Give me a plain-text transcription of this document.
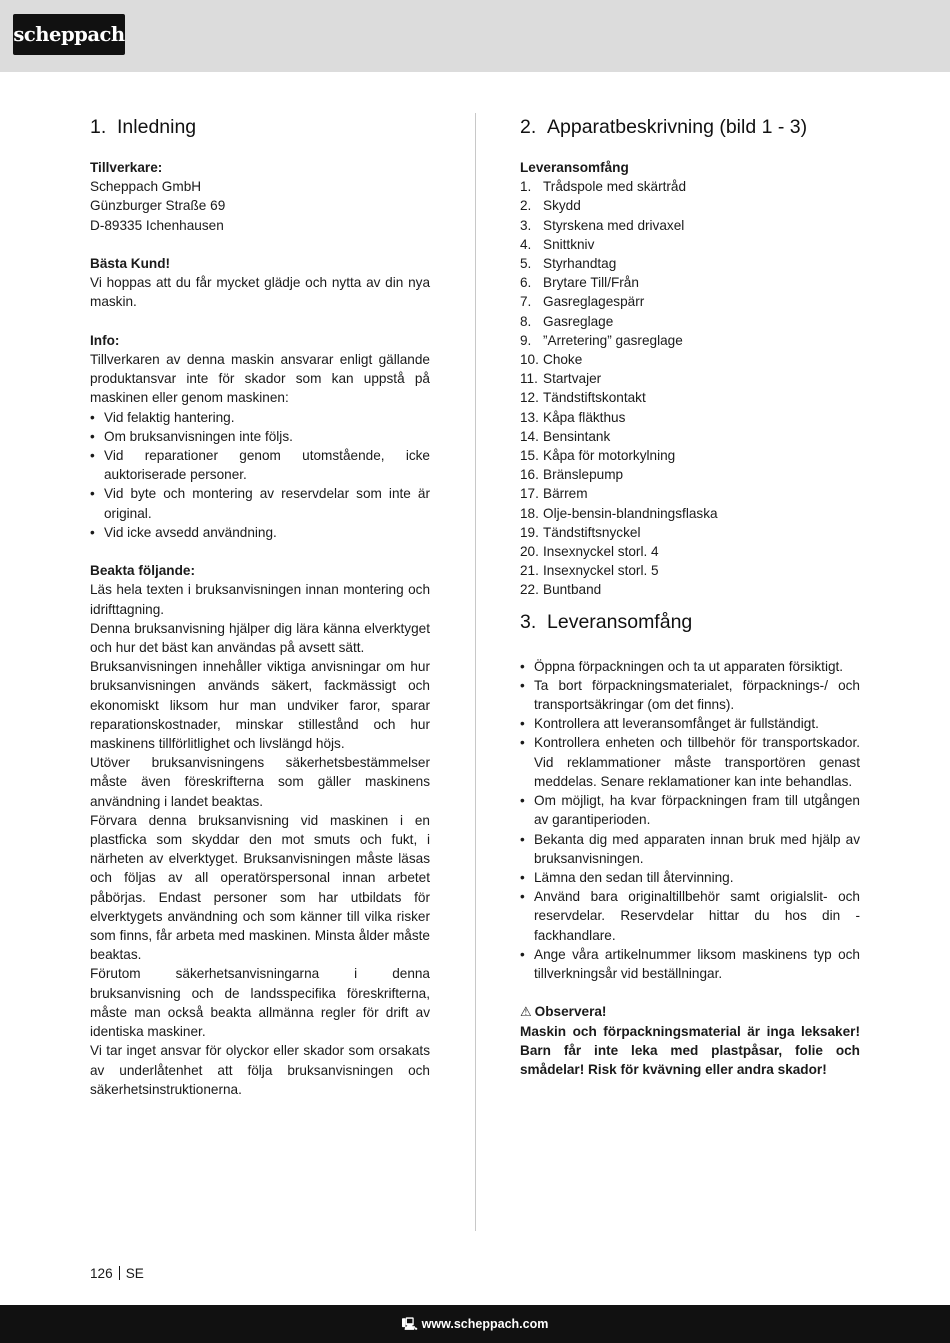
scheppach
1. Inledning

Tillverkare:

Scheppach GmbH

Günzburger Straße 69

D-89335 Ichenhausen

Bästa Kund!

Vi hoppas att du får mycket glädje och nytta av din nya maskin.

Info:

Tillverkaren av denna maskin ansvarar enligt gällande produktansvar inte för skador som kan uppstå på maskinen eller genom maskinen:

• Vid felaktig hantering.
• Om bruksanvisningen inte följs.
• Vid reparationer genom utomstående, icke auktoriserade personer.
• Vid byte och montering av reservdelar som inte är original.
• Vid icke avsedd användning.

Beakta följande:

Läs hela texten i bruksanvisningen innan montering och idrifttagning.

Denna bruksanvisning hjälper dig lära känna elverktyget och hur det bäst kan användas på avsett sätt.

Bruksanvisningen innehåller viktiga anvisningar om hur bruksanvisningen används säkert, fackmässigt och ekonomiskt liksom hur man undviker faror, sparar reparationskostnader, minskar stillestånd och hur maskinens tillförlitlighet och livslängd höjs.

Utöver bruksanvisningens säkerhetsbestämmelser måste även föreskrifterna som gäller maskinens användning i landet beaktas.

Förvara denna bruksanvisning vid maskinen i en plastficka som skyddar den mot smuts och fukt, i närheten av elverktyget. Bruksanvisningen måste läsas och följas av all operatörspersonal innan arbetet påbörjas. Endast personer som har utbildats för elverktygets användning och som känner till vilka risker som finns, får arbeta med maskinen. Minsta ålder måste beaktas.

Förutom säkerhetsanvisningarna i denna bruksanvisning och de landsspecifika föreskrifterna, måste man också beakta allmänna regler för drift av identiska maskiner.

Vi tar inget ansvar för olyckor eller skador som orsakats av underlåtenhet att följa bruksanvisningen och säkerhetsinstruktionerna.

2. Apparatbeskrivning (bild 1 - 3)

Leveransomfång

1. Trådspole med skärtråd
2. Skydd
3. Styrskena med drivaxel
4. Snittkniv
5. Styrhandtag
6. Brytare Till/Från
7. Gasreglagespärr
8. Gasreglage
9. ”Arretering” gasreglage
10. Choke
11. Startvajer
12. Tändstiftskontakt
13. Kåpa fläkthus
14. Bensintank
15. Kåpa för motorkylning
16. Bränslepump
17. Bärrem
18. Olje-bensin-blandningsflaska
19. Tändstiftsnyckel
20. Insexnyckel storl. 4
21. Insexnyckel storl. 5
22. Buntband
3. Leveransomfång
• Öppna förpackningen och ta ut apparaten försiktigt.
• Ta bort förpackningsmaterialet, förpacknings-/ och transportsäkringar (om det finns).
• Kontrollera att leveransomfånget är fullständigt.
• Kontrollera enheten och tillbehör för transportskador. Vid reklammationer måste transportören genast meddelas. Senare reklamationer kan inte behandlas.
• Om möjligt, ha kvar förpackningen fram till utgången av garantiperioden.
• Bekanta dig med apparaten innan bruk med hjälp av bruksanvisningen.
• Lämna den sedan till återvinning.
• Använd bara originaltillbehör samt origialslit- och reservdelar. Reservdelar hittar du hos din -fackhandlare.
• Ange våra artikelnummer liksom maskinens typ och tillverkningsår vid beställningar.

⚠ Observera!

Maskin och förpackningsmaterial är inga leksaker! Barn får inte leka med plastpåsar, folie och smådelar! Risk för kvävning eller andra skador!

126 SE
🖳 www.scheppach.com
